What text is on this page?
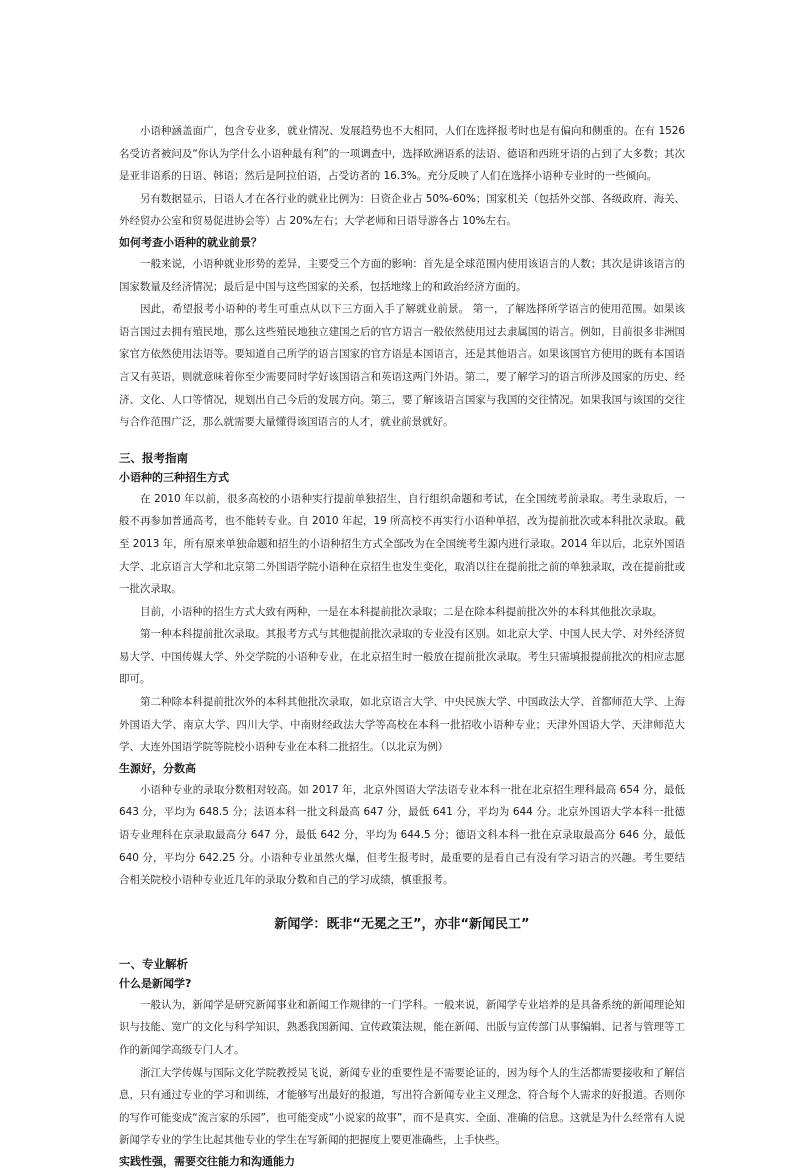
小语种涵盖面广，包含专业多，就业情况、发展趋势也不大相同，人们在选择报考时也是有偏向和侧重的。在有 1526 名受访者被问及“你认为学什么小语种最有利”的一项调查中，选择欧洲语系的法语、德语和西班牙语的占到了大多数；其次是亚非语系的日语、韩语；然后是阿拉伯语，占受访者的 16.3%。充分反映了人们在选择小语种专业时的一些倾向。

另有数据显示，日语人才在各行业的就业比例为：日资企业占 50%-60%；国家机关（包括外交部、各级政府、海关、外经贸办公室和贸易促进协会等）占 20%左右；大学老师和日语导游各占 10%左右。

如何考查小语种的就业前景？

一般来说，小语种就业形势的差异，主要受三个方面的影响：首先是全球范围内使用该语言的人数；其次是讲该语言的国家数量及经济情况；最后是中国与这些国家的关系，包括地缘上的和政治经济方面的。

因此，希望报考小语种的考生可重点从以下三方面入手了解就业前景。 第一，了解选择所学语言的使用范围。如果该语言国过去拥有殖民地，那么这些殖民地独立建国之后的官方语言一般依然使用过去隶属国的语言。例如，目前很多非洲国家官方依然使用法语等。要知道自己所学的语言国家的官方语是本国语言，还是其他语言。如果该国官方使用的既有本国语言又有英语，则就意味着你至少需要同时学好该国语言和英语这两门外语。第二，要了解学习的语言所涉及国家的历史、经济、文化、人口等情况，规划出自己今后的发展方向。第三，要了解该语言国家与我国的交往情况。如果我国与该国的交往与合作范围广泛，那么就需要大量懂得该国语言的人才，就业前景就好。

三、报考指南
小语种的三种招生方式

在 2010 年以前，很多高校的小语种实行提前单独招生，自行组织命题和考试，在全国统考前录取。考生录取后，一般不再参加普通高考，也不能转专业。自 2010 年起，19 所高校不再实行小语种单招，改为提前批次或本科批次录取。截至 2013 年，所有原来单独命题和招生的小语种招生方式全部改为在全国统考生源内进行录取。2014 年以后，北京外国语大学、北京语言大学和北京第二外国语学院小语种在京招生也发生变化，取消以往在提前批之前的单独录取，改在提前批或一批次录取。

目前，小语种的招生方式大致有两种，一是在本科提前批次录取；二是在除本科提前批次外的本科其他批次录取。

第一种本科提前批次录取。其报考方式与其他提前批次录取的专业没有区别。如北京大学、中国人民大学、对外经济贸易大学、中国传媒大学、外交学院的小语种专业，在北京招生时一般放在提前批次录取。考生只需填报提前批次的相应志愿即可。

第二种除本科提前批次外的本科其他批次录取，如北京语言大学、中央民族大学、中国政法大学、首都师范大学、上海外国语大学、南京大学、四川大学、中南财经政法大学等高校在本科一批招收小语种专业；天津外国语大学、天津师范大学、大连外国语学院等院校小语种专业在本科二批招生。（以北京为例）

生源好，分数高

小语种专业的录取分数相对较高。如 2017 年，北京外国语大学法语专业本科一批在北京招生理科最高 654 分，最低 643 分，平均为 648.5 分；法语本科一批文科最高 647 分，最低 641 分，平均为 644 分。北京外国语大学本科一批德语专业理科在京录取最高分 647 分，最低 642 分，平均为 644.5 分；德语文科本科一批在京录取最高分 646 分，最低 640 分，平均分 642.25 分。小语种专业虽然火爆，但考生报考时，最重要的是看自己有没有学习语言的兴趣。考生要结合相关院校小语种专业近几年的录取分数和自己的学习成绩，慎重报考。

新闻学：既非“无冕之王”，亦非“新闻民工”
一、专业解析
什么是新闻学?

一般认为，新闻学是研究新闻事业和新闻工作规律的一门学科。一般来说，新闻学专业培养的是具备系统的新闻理论知识与技能、宽广的文化与科学知识，熟悉我国新闻、宣传政策法规，能在新闻、出版与宣传部门从事编辑、记者与管理等工作的新闻学高级专门人才。

浙江大学传媒与国际文化学院教授吴飞说，新闻专业的重要性是不需要论证的，因为每个人的生活都需要接收和了解信息，只有通过专业的学习和训练，才能够写出最好的报道，写出符合新闻专业主义理念、符合每个人需求的好报道。否则你的写作可能变成“流言家的乐园”，也可能变成“小说家的故事”，而不是真实、全面、准确的信息。这就是为什么经常有人说新闻学专业的学生比起其他专业的学生在写新闻的把握度上要更准确些，上手快些。

实践性强，需要交往能力和沟通能力
